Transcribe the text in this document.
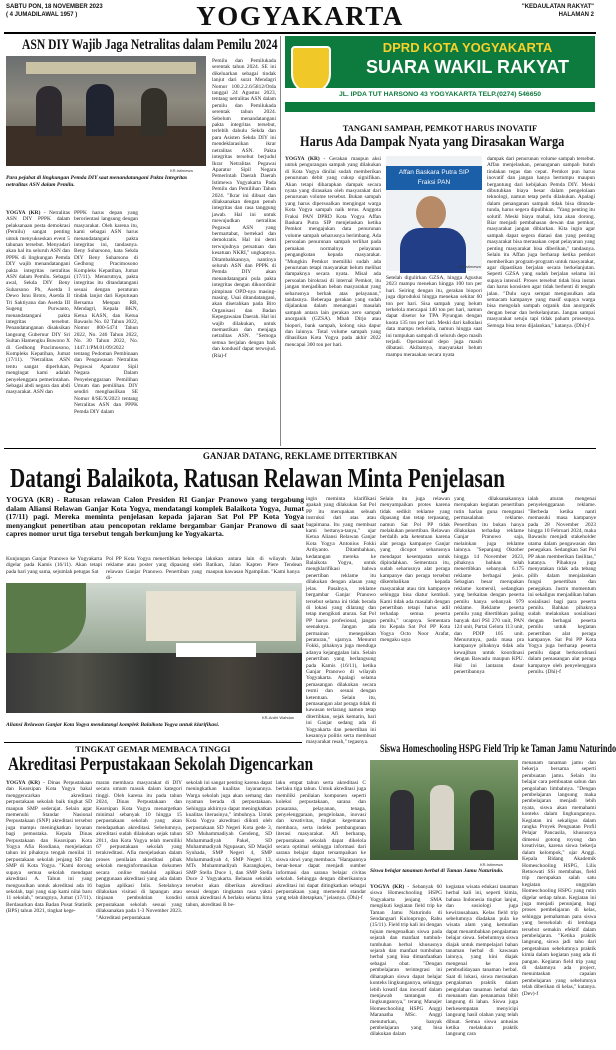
SABTU PON, 18 NOVEMBER 2023
( 4 JUMADILAWAL 1957 )	YOGYAKARTA	"KEDAULATAN RAKYAT"
HALAMAN 2
ASN DIY Wajib Jaga Netralitas dalam Pemilu 2024
KR-Istimewa
Para pejabat di lingkungan Pemda DIY saat menandatangani Pakta Integritas netralitas ASN dalam Pemilu.
YOGYA (KR) - Netralitas ASN DIY PPPK dalam pelaksanaan pesta demokrasi (Pemilu) sangat penting untuk menyukseskan event 5 tahunan tersebut. Menyadari akan hal itu seluruh ASN dan PPPK di lingkungan Pemda DIY wajib menandatangani pakta integritas netralitas ASN dalam Pemilu. Sebagai awal, Sekda DIY Beny Suharsono Ph, Asetda I Dewo Isnu Broto, Asetda II Tri Saktiyana dan Asetda III Sugeng Purwanto, menandatangani pakta integritas tersebut. Penandatanganan disaksikan langsung Gubernur DIY Sri Sultan Hamengku Buwono X di Gedhong Pracimosono, Kompleks Kepatihan, Jumat (17/11). "Netralitas ASN tentu sangat diperlukan, mengingat kami adalah penyelenggara pemerintahan. Sebagai abdi negara dan abdi masyarakat. ASN dan
PPPK harus depan yang berorientasi langsung dengan masyarakat. Oleh karena itu, kami sebagai ASN harus menandatangani pakta integritas ini, tandasnya. Beny Suharsono, kata Sekda DIY Beny Suharsono di Gedhong Pracimosono Kompleks Kepatihan, Jumat (17/11). Menurutnya, pakta integritas itu ditandatangani sesuai dengan peraturan tindak lanjut dari Keputusan Bersama Menpan RB, Mendagri, Kepala BKN, Ketua KASN, dan Ketua Bawaslu No. 02 Tahun 2022, Nomor 800-5474 Tahun 2022, No. 246 Tahun 2022, No. 30 Tahun 2022, No. 1447.1/PM.01/09/2022 tentang Pedoman Pembinaan dan Pengawasan Netralitas Pegawai Aparatur Sipil Negara Dalam Penyelenggaraan Pemilihan Umum dan pemilihan. DIY sendiri menghasilkan SE Nomor 8/SE/X/2023 tentang Netralitas ASN dan PPPK Pemda DIY dalam
Pemilu dan Pemilukada serentak tahun 2024. SE ini dikeluarkan sebagai tindak lanjut dari surat Mendagri Nomor 100.2.2.6/5812/Otda tanggal 24 Agustus 2023, tentang netralitas ASN dalam pemilu dan Pemilukada serentak tahun 2024. Sebelum menandatangani pakta integritas tersebut, terlebih dahulu Sekda dan para Asisten Sekda DIY ini mendeklarasikan ikrar netralitas ASN. Pakta integritas tersebut berjudul Ikrar Netralitas Pegawai Aparatur Sipil Negara Pemerintah Daerah Daerah Istimewa Yogyakarta Pada Pemilu dan Pemilihan Tahun 2024. "Ikrar ini dibuat dan dilaksanakan dengan penuh integritas dan rasa tanggung jawab. Hal ini untuk mewujudkan netralitas Pegawai ASN yang bermartabat, bertekad dan demokratis. Hal ini demi terwujudnya persatuan dan kesatuan NKRI," ungkapnya. Ditambahkannya, nantinya seluruh ASN dan PPPK di Pemda DIY akan menandatangani pula pakta integritas dengan dikoordinir pimpinan OPD-nya masing-masing. Usai ditandatangani, akan diserahkan pada Biro Organisasi dan Badan Kepegawaian Daerah. Hal ini wajib dilakukan, untuk memastikan dan menjaga netralitas ASN. "Semoga semua berjalan dengan baik dan kondusif dapat terwujud. (Ria)-f
DPRD KOTA YOGYAKARTA
SUARA WAKIL RAKYAT
JL. IPDA TUT HARSONO 43 YOGYAKARTA TELP.(0274) 546650
TANGANI SAMPAH, PEMKOT HARUS INOVATIF
Harus Ada Dampak Nyata yang Dirasakan Warga
YOGYA (KR) - Gerakan maupun aksi untuk pengurangan sampah yang dilakukan di Kota Yogya dinilai sudah memberikan penurunan debit yang cukup signifikan. Akan tetapi diharapkan dampak secara nyata yang dirasakan oleh masyarakat dari penurunan volume tersebut. Bukan sampah yang harus dipersoalkan mengingat warga Kota Yogya sampah naik terus. Anggota Fraksi PAN DPRD Kota Yogya Affan Baskara Putra SIP menjelaskan ketika Pemkot mengajukan data penurunan volume sampah seharusnya berimbang. Ada persoalan penurunan sampah terlihat pada pemakan normalnya pelayanan pengangkutan kepada masyarakat. "Mungkin Pemkot memiliki sudah ada penurunan tetapi masyarakat belum melihat dampaknya secara nyata. Misal ada persoalan birokrasi di internal Pemkot, itu jangan menjadikan beban masyarakat yang seharusnya berhak atas pelayanan," tandasnya. Beberapa gerakan yang sudah dijalankan dalam menangani masalah sampah antara lain gerakan zero sampah anorganik (GZSA). Mbah Dirjo atau biopori, bank sampah, kolong sisa dapur dan lainnya. Total volume sampah yang dihasilkan Kota Yogya pada akhir 2022 mencapai 300 ton per hari.
Affan Baskara Putra SIP
Fraksi PAN
KR-Istimewa
Setelah digulirkan GZSA, hingga Agustus 2023 mampu menekan hingga 100 ton per hari. Seiring dengan itu, gerakan biopori juga diproduksi hingga menekan sekitar 60 ton per hari. Sisa sampah yang belum terkelola mencapai 140 ton per hari, namun dapat disetor ke TPA Piyungan dengan kuota 135 ton per hari. Meski dari kalkulasi data mampu terkelola, namun hingga saat ini tumpukan sampah di seluruh depo masih terjadi. Operasional depo juga masih dibatasi. Akibatnya, masyarakat belum mampu merasakan secara nyata
dampak dari penurunan volume sampah tersebut. Affan menjelaskan, penanganan sampah butuh tindakan tegas dan cepat. Pemkot pun harus inovatif dan jangan hanya bertumpu maupun bergantung dari kebijakan Pemda DIY. Meski dibutuhkan biaya besar dalam pengelolaan teknologi, namun tetap perlu dilakukan. Apalagi dalam penanganan sampah tidak bisa ditunda-tunda, harus segera dipulihkan. "Yang penting itu solutif. Meski biaya mahal, kita akan dorong. Biar menjadi pembahasan dewan dan pemkot, masyarakat jangan dibiarkan. Kita ingin agar sampah dapat segera diatasi dan yang penting masyarakat bisa merasakan cepat pelayanan yang penting masyarakat bisa diberikan," tandasnya. Selain itu Affan juga berharap ketika pemkot memberikan program-program untuk masyarakat, agar dipastikan berjalan secara berkelanjutan. Seperti GZSA yang sudah berjalan selama ini supaya intensif. Proses tersebut tidak bisa instan dan harus konsisten agar tidak berhenti di tengah jalan. "Dulu saya sempat mengusulkan ada semacam kampanye yang masif supaya warga bisa mengolah sampah organik dan anorganik dengan benar dan berkelanjutan. Jangan sampai masyarakat setuju tapi tidak paham prosesnya. Semoga bisa terus dijalankan," katanya. (Dhi)-f
GANJAR DATANG, REKLAME DITERTIBKAN
Datangi Balaikota, Ratusan Relawan Minta Penjelasan
YOGYA (KR) - Ratusan relawan Calon Presiden RI Ganjar Pranowo yang tergabung dalam Aliansi Relawan Ganjar Kota Yogya, mendatangi komplek Balaikota Yogya, Jumat (17/11) pagi. Mereka meminta penjelasan kepada jajaran Sat Pol PP Kota Yogya menyangkut penertiban atau pencopotan reklame bergambar Ganjar Pranowo di saat capres nomor urut tiga tersebut tengah berkunjung ke Yogyakarta.
Kunjungan Ganjar Pranowo ke Yogyakarta digelar pada Kamis (16/11). Akan tetapi pada hari yang sama, sejumlah petugas Sat
Pol PP Kota Yogya menertibkan beberapa reklame atau poster yang dipasang oleh relawan Ganjar Pranowo. Penertiban yang di-
lakukan antara lain di wilayah Jalan Batikan, Jalan Kapten Piere Tendean maupun kawasan Ngampilan. "Kami hanya
KR-Ardhi Wahdan
Aliansi Relawan Ganjar Kota Yogya mendatangi komplek Balaikota Yogya untuk klarifikasi.
ingin meminta klarifikasi apakah yang dilakukan Sat Pol PP itu merupakan sebuah instruksi dari atas atau bagaimana. Itu yang membuat kami bertanya-tanya," ujar Ketua Aliansi Relawan Ganjar Kota Yogya Antonius Fokki Ardiyanto. Ditambahkan, kedatangan mereka ke Balaikota Yogya, untuk mengklarifikasi bahwa penertiban reklame itu dilakukan dengan alasan yang jelas. Pasalnya, reklame bergambar Ganjar Pranowo tersebut selama ini tidak berada di lokasi yang dilarang dan tetap mengikuti aturan. Sat Pol PP harus profesional, jangan seenaknya. Jangan ada permainan menegakkan peraturan," ujarnya. Menurut Fokki, pihaknya juga menduga adanya kejanggalan lain. Selain penertiban yang berlangsung pada Kamis (16/11), ketika Ganjar Pranowo di wilayah Yogyakarta. Apalagi selama pemasangan dilakukan secara resmi dan sesuai dengan ketentuan. Selain itu, pemasangan alat peraga tidak di kawasan terlarang namun tetap ditertibkan, sejak kemarin, hari ini Ganjar sedang ada di Yogyakarta dan penertiban ini kesannya politis serta membuat masyarakat resah," tegasnya.
Selain itu juga relawan menyampaikan protes karena tidak sedikit reklame yang dipasang dan tetap terpasang, namun Sat Pol PP tidak melakukan penertiban. Relawan berdalih ada ketentuan karena alat peraga kampanye Ganjar yang dicopot seharusnya mendapat kesempatan untuk dipindahkan. Sementara itu, sudah seharusnya alat peraga kampanye dan peraga tersebut dikembalikan kepada masyarakat atau tim kampanye sehingga bisa diatur kembali. Kami tidak ada masalah dengan penertiban tetapi harus adil terhadap semua peserta pemilu," ucapnya. Sementara itu Kepala Sat Pol PP Kota Yogya Octo Noor Arafat, mengaku saya
yang dilaksanakannya merupakan kegiatan penertiban rutin harian guna mengatasi permasalahan reklame. Penertiban itu bukan hanya dilakukan terhadap reklame Ganjar Pranowo saja, melainkan juga reklame lainnya. "Sepanjang Oktober hingga 14 November 2023, pihaknya bahkan telah menertibkan sebanyak 6.175 reklame berbagai jenis. Sebagian besar merupakan reklame komersil, sedangkan yang berkaitan dengan peserta pemilu hanya sebanyak 979 reklame. Reklame peserta pemilu yang ditertibkan paling banyak dari PSI 270 unit, PAN 124 unit, Partai Gelora 113 unit, dan PDIP 105 unit. Menurutnya, pada masa pra kampanye pihaknya tidak ada kewajiban untuk koordinasi dengan Bawaslu maupun KPU. Hal ini lantaran dasar penertibannya
ialah aturan mengenai penyelenggaraan reklame. "Berbeda ketika nanti memasuki masa kampanye pada 28 November 2023 hingga 10 Februari 2024, maka Bawaslu menjadi stakeholder utama dalam pengawasan dan penegakan. Sedangkan Sat Pol PP akan memberikan fasilitas," katanya. Pihaknya juga menyatakan tidak ada tebang pilih dalam menjalankan fungsi penertiban dan penegakan. Justru momentum ini sekaligus menjadikan bahan sosialisasi bagi para peserta pemilu. Bahkan pihaknya sudah melakukan sosialisasi dengan berbagai peserta pemilu untuk kegiatan penertiban alat peraga kampanye. Sat Pol PP Kota Yogya juga berharap peserta pemilu dapat berkoordinasi dalam pemasangan alat peraga kampanye oleh penyelenggara pemilu. (Dhi)-f
Siswa Homeschooling HSPG Field Trip ke Taman Jamu Naturindo
KR-Istimewa
Siswa belajar tanaman herbal di Taman Jamu Naturindo.
YOGYA (KR) - Sebanyak 60 siswa Homeschooling HSPG Yogyakarta jenjang SMA mengikuti kegiatan field trip ke Taman Jamu Naturindo di Sendangsari Kulonprogo, Rabu (15/11). Field trip kali ini dengan tujuan mengenalkan siswa pada sejarah dan manfaat tumbuh-tumbuhan herbal khususnya sejarah dan manfaat tumbuhan herbal yang bisa dimanfaatkan sebagai obat. "Dengan pembelajaran terintegrasi ini diharapkan siswa dapat belajar konteks lingkungannya, sehingga lebih kreatif dan inovatif dalam menjawab tantangan di lingkungannya," terang Manajer Homeschooling HSPG Anggi Maranatha MSc. Anggi menuturkan, banyak pembelajaran yang bisa dilakukan dalam
kegiatan wisata edukasi tanaman herbal kali ini, seperti kimia, bahasa Indonesia tingkat lanjut, dan sosiologi juga kewirausahaan. Kelas field trip sebelumnya diadakan pula ke wisata alam yang kemudian dapat menambahkan pengalaman belajar siswa. Sebelumnya siswa diajak untuk mempelajari bahan tanaman herbal di kawasan lainnya, yang kini diajak mengenal ke area pembudidayaan tanaman herbal. Saat di lokasi, siswa merasakan pengalaman praktik dalam pengolahan tanaman herbal dan menanam dan penanaman bibit langsung di lahan. Siswa juga berkesempatan menyicipi langsung hasil olahan yang telah dibuat. Semua siswa antusias ketika melakukan praktik langsung cara
menanam tanaman jamu dan bekerja bersama seperti pembuatan jamu. Selain itu belajar cara pembuatan sabun dan pengolahan limbahnya. "Dengan pembelajaran langsung maka pembelajaran menjadi lebih nyata, siswa akan memahami konteks dalam lingkungannya. Kegiatan ini sekaligus dalam rangka Proyek Penguatan Profil Pelajar Pancasila, khususnya dimensi gotong royong dan kreativitas, karena siswa bekerja dalam kelompok," ujar Anggi. Kepala Bidang Akademik Homeschooling HSPG, Lilis Retnowati SSi membahas, field trip merupakan salah satu kegiatan unggulan Homeschooling HSPG yang rutin digelar setiap tahun. Kegiatan ini juga menjadi penunjang bagi proses pembelajaran di kelas, sehingga pemahaman para siswa yang bersekolah di lembaga tersebut semakin efektif dalam pembelajaran. "Ketika praktik langsung, siswa jadi tahu dari pengetahuan sebelumnya praktik kimia dalam kegiatan yang ada di pangan. Kegiatan field trip yang di dalamnya ada project, menuntaskan capaian pembelajaran yang sebelumnya telah diberikan di kelas," katanya. (Dev)-f
TINGKAT GEMAR MEMBACA TINGGI
Akreditasi Perpustakaan Sekolah Digencarkan
YOGYA (KR) - Dinas Perpustakaan dan Kearsipan Kota Yogya bakal menggencarkan akreditasi perpustakaan sekolah baik tingkat SD maupun SMP sederajat. Selain agar memenuhi Standar Nasional Perpustakaan (SNP) akreditasi tersebut juga mampu meningkatkan layanan bagi pemustaka. Kepala Dinas Perpustakaan dan Kearsipan Kota Yogya Afia Rosdiana, menjelaskan tahun ini pihaknya tengah menilai 11 perpustakaan sekolah jenjang SD dan SMP di Kota Yogya. "Kami dorong supaya semua sekolah mendapat akreditasi A. Tahun ini yang mengusulkan untuk akreditasi ada 16 sekolah, tapi yang siap kami nilai baru 11 sekolah," terangnya, Jumat (17/11). Berdasarkan data Badan Pusat Statistik (BPS) tahun 2021, tingkat kege-
maran membaca masyarakat di DIY secara umum masuk dalam kategori tinggi. Oleh karena itu pada tahun 2024, Dinas Perpustakaan dan Kearsipan Kota Yogya menargetkan minimal sebanyak 10 hingga 15 perpustakaan sekolah yang akan mendapatkan akreditasi. Sebelumnya, akreditasi sudah dilakukan sejak tahun 2011, dan Kota Yogya telah memiliki 67 perpustakaan sekolah yang terakreditasi. Afia menjelaskan dalam proses penilaian akreditasi pihak sekolah menginformasikan dokumen secara online melalui aplikasi penggunaan akreditasi yang ada dalam bagian aplikasi Inlis. Setelahnya dilakukan visitasi di lapangan atau tinjauan pembuktian kondisi perpustakaan sekolah sesuai yang dilaksanakan pada 1-3 November 2023. "Akreditasi perpustakaan
sekolah ini sangat penting karena dapat meningkatkan kualitas layanannya. Warga sekolah juga akan semang dan nyaman berada di perpustakaan. Sehingga akhirnya dapat meningkatkan kualitas literasinya," imbuhnya. Untuk Kota Yogya akreditasi diikuti oleh perpustakaan SD Negeri Kota gede 3, SD Muhammadiyah Gendeng, SD Muhammadiyah Pakel, SD Muhammadiyah Ngupasan, SD Masjid Syuhada, SMP Negeri 4, SMP Muhammadiyah 4, SMP Negeri 13, MTs Muhammadiyah Karangkajen, SMP Stella Duce 1, dan SMP Stella Duce 2 Yogyakarta. Belasan sekolah tersebut akan diberikan akreditasi sesuai dengan tingkatan rasa yakni untuk akreditasi A berlaku selama lima tahun, akreditasi B be-
laku empat tahun serta akreditasi C berlaku tiga tahun. Untuk akreditasi juga memiliki penilaian komponen seperti koleksi perpustakaan, sarana dan prasarana, pelayanan, tenaga, penyelenggaraan, pengelolaan, inovasi dan kreativitas, tingkat kegemaran membaca, serta indeks pembangunan literasi masyarakat. Afi berharap, perpustakaan sekolah dapat dikelola secara optimal sehingga informasi dari sarana belajar dapat tersampaikan ke siswa siswi yang membaca. "Harapannya benar-benar dapat menjadi sumber informasi dan sarana belajar civitas sekolah. Sehingga dengan diberikannya akreditasi ini dapat ditingkatkan sebagai perpustakaan yang memenuhi standar yang telah ditetapkan," jelasnya. (Dhi)-f
